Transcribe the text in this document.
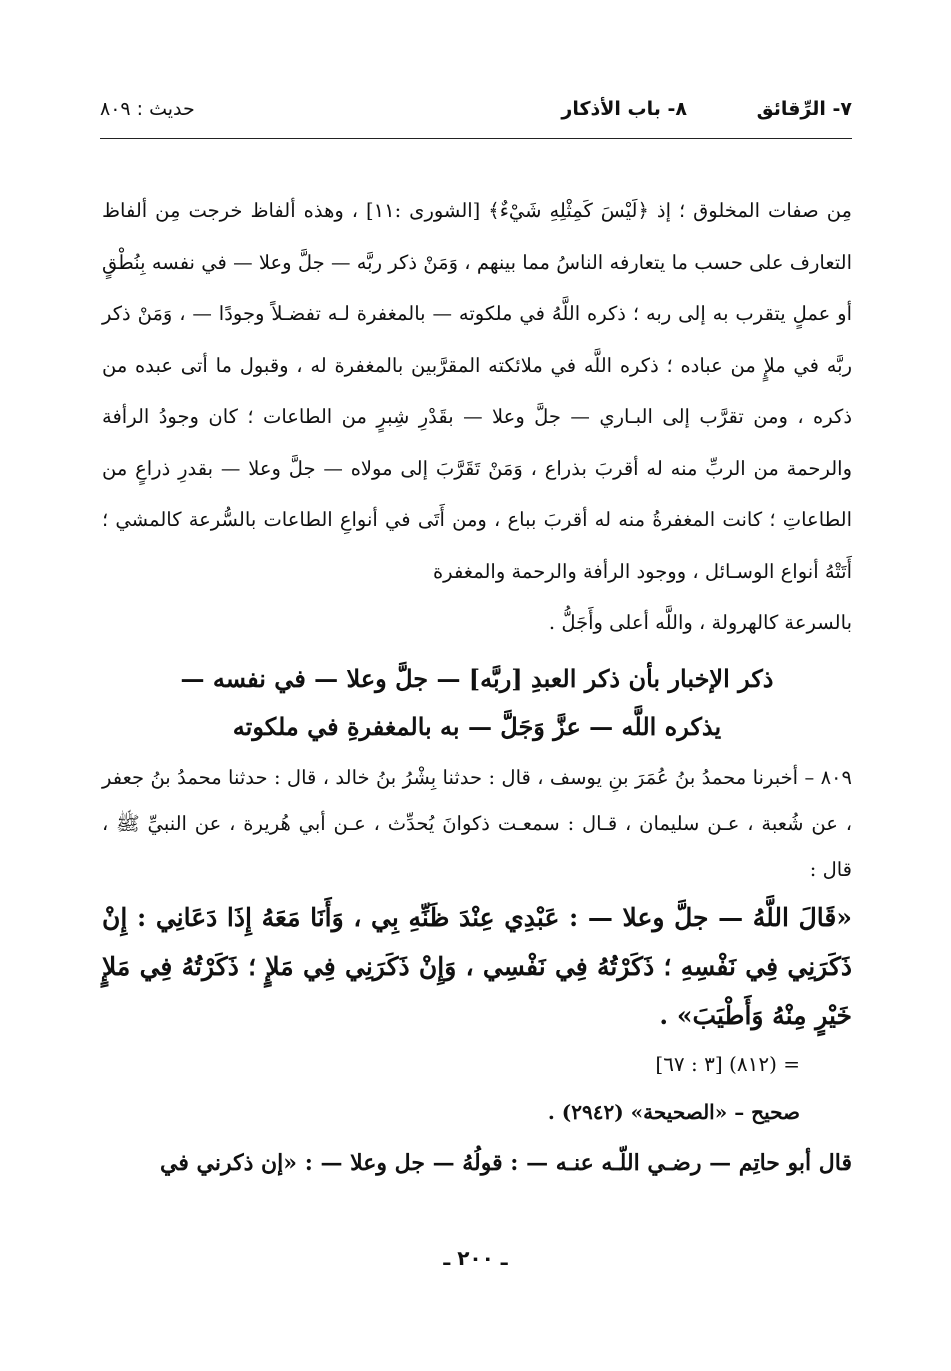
٧- الرِّقائق
٨- باب الأذكار
حديث : ٨٠٩

مِن صفات المخلوق ؛ إذ ﴿لَيْسَ كَمِثْلِهِ شَيْءٌ﴾ [الشورى :١١] ، وهذه ألفاظ خرجت مِن ألفاظ التعارف على حسب ما يتعارفه الناسُ مما بينهم ، وَمَنْ ذكر ربَّه — جلَّ وعلا — في نفسه بِنُطْقٍ أو عملٍ يتقرب به إلى ربه ؛ ذكره اللَّهُ في ملكوته — بالمغفرة لـه تفضـلاً وجودًا — ، وَمَنْ ذكر ربَّه في ملإٍ من عباده ؛ ذكره اللَّه في ملائكته المقرَّبين بالمغفرة له ، وقبول ما أتى عبده من ذكره ، ومن تقرَّب إلى البـاري — جلَّ وعلا — بقَدْرِ شِبرٍ من الطاعات ؛ كان وجودُ الرأفة والرحمة من الربِّ منه له أقربَ بذراع ، وَمَنْ تَقَرَّبَ إلى مولاه — جلَّ وعلا — بقدرِ ذراعٍ من الطاعاتِ ؛ كانت المغفرةُ منه له أقربَ بباع ، ومن أَتَى في أنواعِ الطاعات بالسُّرعة كالمشي ؛ أَتَتْهُ أنواع الوسـائل ، ووجود الرأفة والرحمة والمغفرة

بالسرعة كالهرولة ، واللَّه أعلى وأَجَلُّ .

ذكر الإخبار بأن ذكر العبدِ [ربَّه] — جلَّ وعلا — في نفسه —
يذكره اللَّه — عزَّ وَجَلَّ — به بالمغفرةِ في ملكوته

٨٠٩ – أخبرنا محمدُ بنُ عُمَرَ بنِ يوسف ، قال : حدثنا بِشْرُ بنُ خالد ، قال : حدثنا محمدُ بنُ جعفر ، عن شُعبة ، عـن سليمان ، قـال : سمعـت ذكوانَ يُحدِّث ، عـن أبي هُريرة ، عن النبيِّ ﷺ ، قال :

«قَالَ اللَّهُ — جلَّ وعلا — : عَبْدِي عِنْدَ ظَنِّهِ بِي ، وَأَنَا مَعَهُ إِذَا دَعَانِي : إِنْ ذَكَرَنِي فِي نَفْسِهِ ؛ ذَكَرْتُهُ فِي نَفْسِي ، وَإِنْ ذَكَرَنِي فِي مَلإٍ ؛ ذَكَرْتُهُ فِي مَلإٍ خَيْرٍ مِنْهُ وَأَطْيَبَ» .

= (٨١٢) [٣ : ٦٧]

صحيح – «الصحيحة» (٢٩٤٢) .

قال أبو حاتِم — رضـي اللّـه عنـه — : قولُهُ — جل وعلا — : «إن ذكرني في

ـ ٢٠٠ ـ
